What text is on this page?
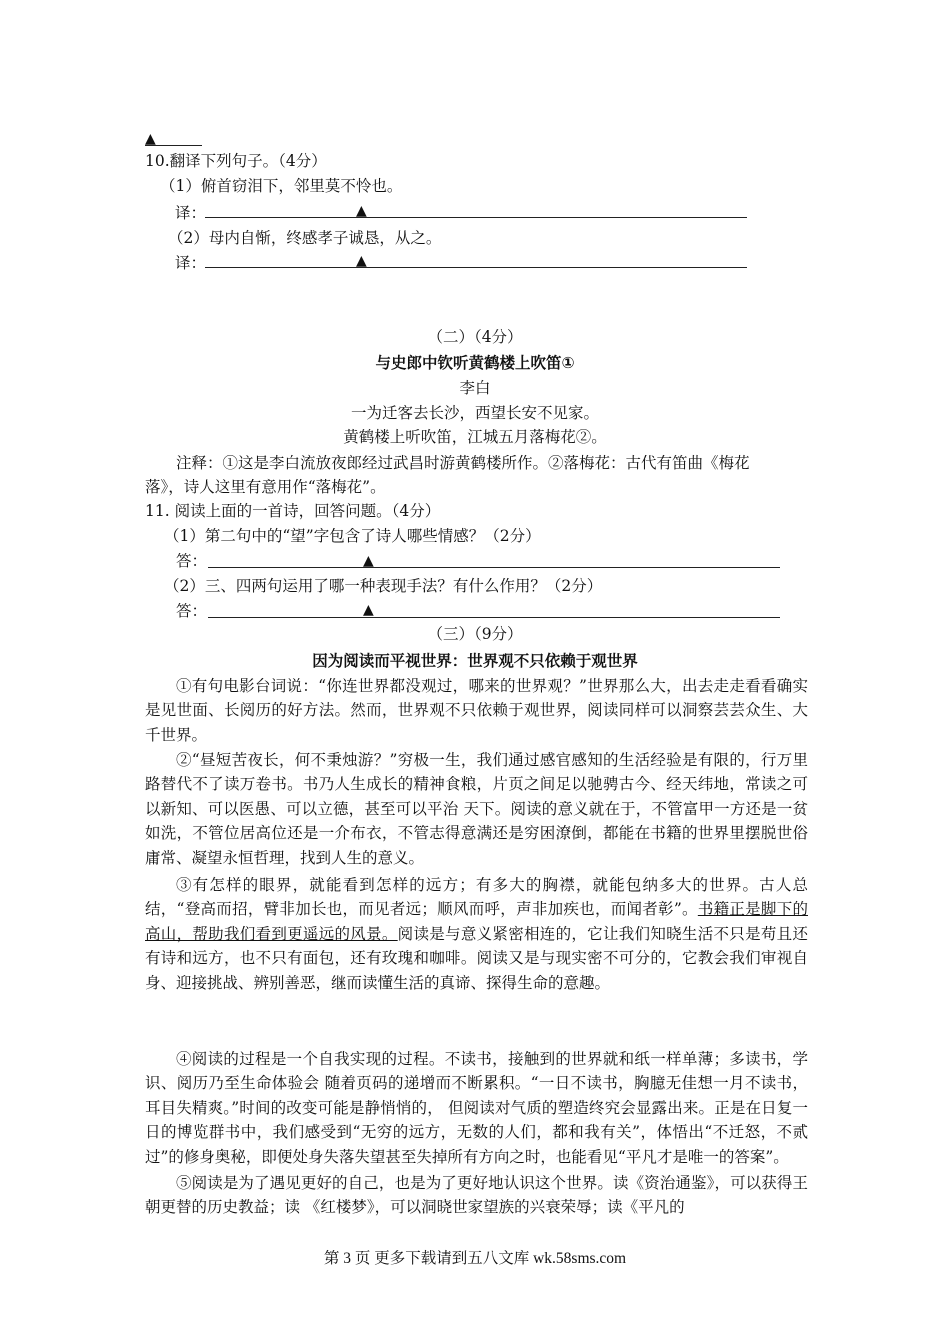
▲
10.翻译下列句子。（4分）
（1）俯首窃泪下，邻里莫不怜也。
译：	▲
（2）母内自惭，终感孝子诚恳，从之。
译：	▲
（二）（4分）
与史郎中钦听黄鹤楼上吹笛①
李白
一为迁客去长沙，西望长安不见家。
黄鹤楼上听吹笛，江城五月落梅花②。
注释：①这是李白流放夜郎经过武昌时游黄鹤楼所作。②落梅花：古代有笛曲《梅花
落》，诗人这里有意用作“落梅花”。
11. 阅读上面的一首诗，回答问题。（4分）
（1）第二句中的“望”字包含了诗人哪些情感？（2分）
答：	▲
（2）三、四两句运用了哪一种表现手法？有什么作用？（2分）
答：	▲
（三）（9分）
因为阅读而平视世界：世界观不只依赖于观世界
①有句电影台词说：“你连世界都没观过，哪来的世界观？”世界那么大，出去走走看看确实是见世面、长阅历的好方法。然而，世界观不只依赖于观世界，阅读同样可以洞察芸芸众生、大千世界。
②“昼短苦夜长，何不秉烛游？”穷极一生，我们通过感官感知的生活经验是有限的，行万里路替代不了读万卷书。书乃人生成长的精神食粮，片页之间足以驰骋古今、经天纬地，常读之可以新知、可以医愚、可以立德，甚至可以平治 天下。阅读的意义就在于，不管富甲一方还是一贫如洗，不管位居高位还是一介布衣，不管志得意满还是穷困潦倒，都能在书籍的世界里摆脱世俗庸常、凝望永恒哲理，找到人生的意义。
③有怎样的眼界，就能看到怎样的远方；有多大的胸襟，就能包纳多大的世界。古人总结，“登高而招，臂非加长也，而见者远；顺风而呼，声非加疾也，而闻者彰”。书籍正是脚下的高山，帮助我们看到更遥远的风景。阅读是与意义紧密相连的，它让我们知晓生活不只是苟且还有诗和远方，也不只有面包，还有玫瑰和咖啡。阅读又是与现实密不可分的，它教会我们审视自身、迎接挑战、辨别善恶，继而读懂生活的真谛、探得生命的意趣。
④阅读的过程是一个自我实现的过程。不读书，接触到的世界就和纸一样单薄；多读书，学识、阅历乃至生命体验会 随着页码的递增而不断累积。“一日不读书，胸臆无佳想一月不读书，耳目失精爽。”时间的改变可能是静悄悄的， 但阅读对气质的塑造终究会显露出来。正是在日复一日的博览群书中，我们感受到“无穷的远方，无数的人们，都和我有关”，体悟出“不迁怒，不贰过”的修身奥秘，即便处身失落失望甚至失掉所有方向之时，也能看见“平凡才是唯一的答案”。
⑤阅读是为了遇见更好的自己，也是为了更好地认识这个世界。读《资治通鉴》，可以获得王朝更替的历史教益；读 《红楼梦》，可以洞晓世家望族的兴衰荣辱；读《平凡的
第 3 页 更多下载请到五八文库 wk.58sms.com
